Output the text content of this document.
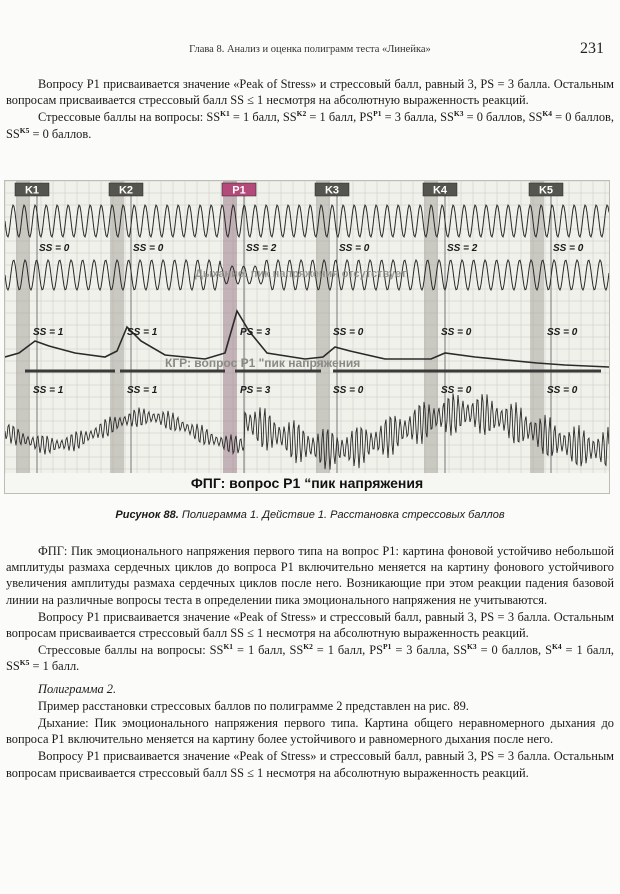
Глава 8. Анализ и оценка полиграмм теста «Линейка»	231

Вопросу P1 присваивается значение «Peak of Stress» и стрессовый балл, равный 3, PS = 3 балла. Остальным вопросам присваивается стрессовый балл SS ≤ 1 несмотря на абсолютную выраженность реакций.

Стрессовые баллы на вопросы: $SS^{K1} = 1$ балл, $SS^{K2} = 1$ балл, $PS^{P1} = 3$ балла, $SS^{K3} = 0$ баллов, $SS^{K4} = 0$ баллов, $SS^{K5} = 0$ баллов.

K1	K2	P1	K3	K4	K5
SS = 0	SS = 0	SS = 2	SS = 0	SS = 2	SS = 0
Дыхание: пик напряжения отсутствует
SS = 1	SS = 1	PS = 3	SS = 0	SS = 0	SS = 0
КГР: вопрос P1 "пик напряжения
SS = 1	SS = 1	PS = 3	SS = 0	SS = 0	SS = 0
ФПГ: вопрос P1 “пик напряжения
Рисунок 88. Полиграмма 1. Действие 1. Расстановка стрессовых баллов

ФПГ: Пик эмоционального напряжения первого типа на вопрос P1: картина фоновой устойчиво небольшой амплитуды размаха сердечных циклов до вопроса P1 включительно меняется на картину фонового устойчивого увеличения амплитуды размаха сердечных циклов после него. Возникающие при этом реакции падения базовой линии на различные вопросы теста в определении пика эмоционального напряжения не учитываются.

Вопросу P1 присваивается значение «Peak of Stress» и стрессовый балл, равный 3, PS = 3 балла. Остальным вопросам присваивается стрессовый балл SS ≤ 1 несмотря на абсолютную выраженность реакций.

Стрессовые баллы на вопросы: $SS^{K1} = 1$ балл, $SS^{K2} = 1$ балл, $PS^{P1} = 3$ балла, $SS^{K3} = 0$ баллов, $S^{K4} = 1$ балл, $SS^{K5} = 1$ балл.

Полиграмма 2.

Пример расстановки стрессовых баллов по полиграмме 2 представлен на рис. 89.

Дыхание: Пик эмоционального напряжения первого типа. Картина общего неравномерного дыхания до вопроса P1 включительно меняется на картину более устойчивого и равномерного дыхания после него.

Вопросу P1 присваивается значение «Peak of Stress» и стрессовый балл, равный 3, PS = 3 балла. Остальным вопросам присваивается стрессовый балл SS ≤ 1 несмотря на абсолютную выраженность реакций.
